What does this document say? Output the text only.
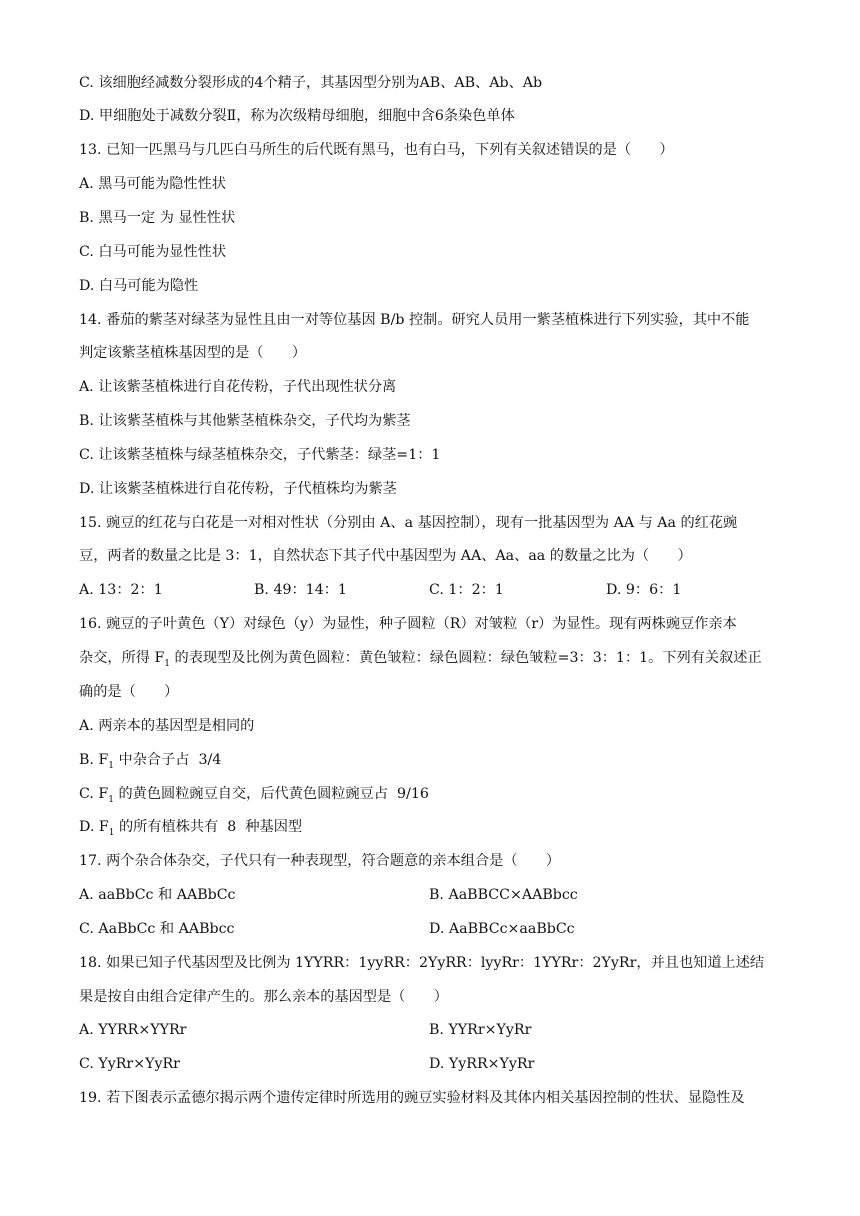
C. 该细胞经减数分裂形成的4个精子，其基因型分别为AB、AB、Ab、Ab
D. 甲细胞处于减数分裂Ⅱ，称为次级精母细胞，细胞中含6条染色单体
13. 已知一匹黑马与几匹白马所生的后代既有黑马，也有白马，下列有关叙述错误的是（　　）
A. 黑马可能为隐性性状
B. 黑马一定 为 显性性状
C. 白马可能为显性性状
D. 白马可能为隐性
14. 番茄的紫茎对绿茎为显性且由一对等位基因 B/b 控制。研究人员用一紫茎植株进行下列实验，其中不能
判定该紫茎植株基因型的是（　　）
A. 让该紫茎植株进行自花传粉，子代出现性状分离
B. 让该紫茎植株与其他紫茎植株杂交，子代均为紫茎
C. 让该紫茎植株与绿茎植株杂交，子代紫茎：绿茎=1：1
D. 让该紫茎植株进行自花传粉，子代植株均为紫茎
15. 豌豆的红花与白花是一对相对性状（分别由 A、a 基因控制），现有一批基因型为 AA 与 Aa 的红花豌
豆，两者的数量之比是 3：1，自然状态下其子代中基因型为 AA、Aa、aa 的数量之比为（　　）
A. 13：2：1	B. 49：14：1	C. 1：2：1	D. 9：6：1
16. 豌豆的子叶黄色（Y）对绿色（y）为显性，种子圆粒（R）对皱粒（r）为显性。现有两株豌豆作亲本
杂交，所得 $F_1$ 的表现型及比例为黄色圆粒：黄色皱粒：绿色圆粒：绿色皱粒=3：3：1：1。下列有关叙述正
确的是（　　）
A. 两亲本的基因型是相同的
B. $F_1$ 中杂合子占  3/4
C. $F_1$ 的黄色圆粒豌豆自交，后代黄色圆粒豌豆占  9/16
D. $F_1$ 的所有植株共有  8  种基因型
17. 两个杂合体杂交，子代只有一种表现型，符合题意的亲本组合是（　　）
A. aaBbCc 和 AABbCc	B. AaBBCC×AABbcc
C. AaBbCc 和 AABbcc	D. AaBBCc×aaBbCc
18. 如果已知子代基因型及比例为 1YYRR：1yyRR：2YyRR：lyyRr：1YYRr：2YyRr，并且也知道上述结
果是按自由组合定律产生的。那么亲本的基因型是（　　）
A. YYRR×YYRr	B. YYRr×YyRr
C. YyRr×YyRr	D. YyRR×YyRr
19. 若下图表示孟德尔揭示两个遗传定律时所选用的豌豆实验材料及其体内相关基因控制的性状、显隐性及
